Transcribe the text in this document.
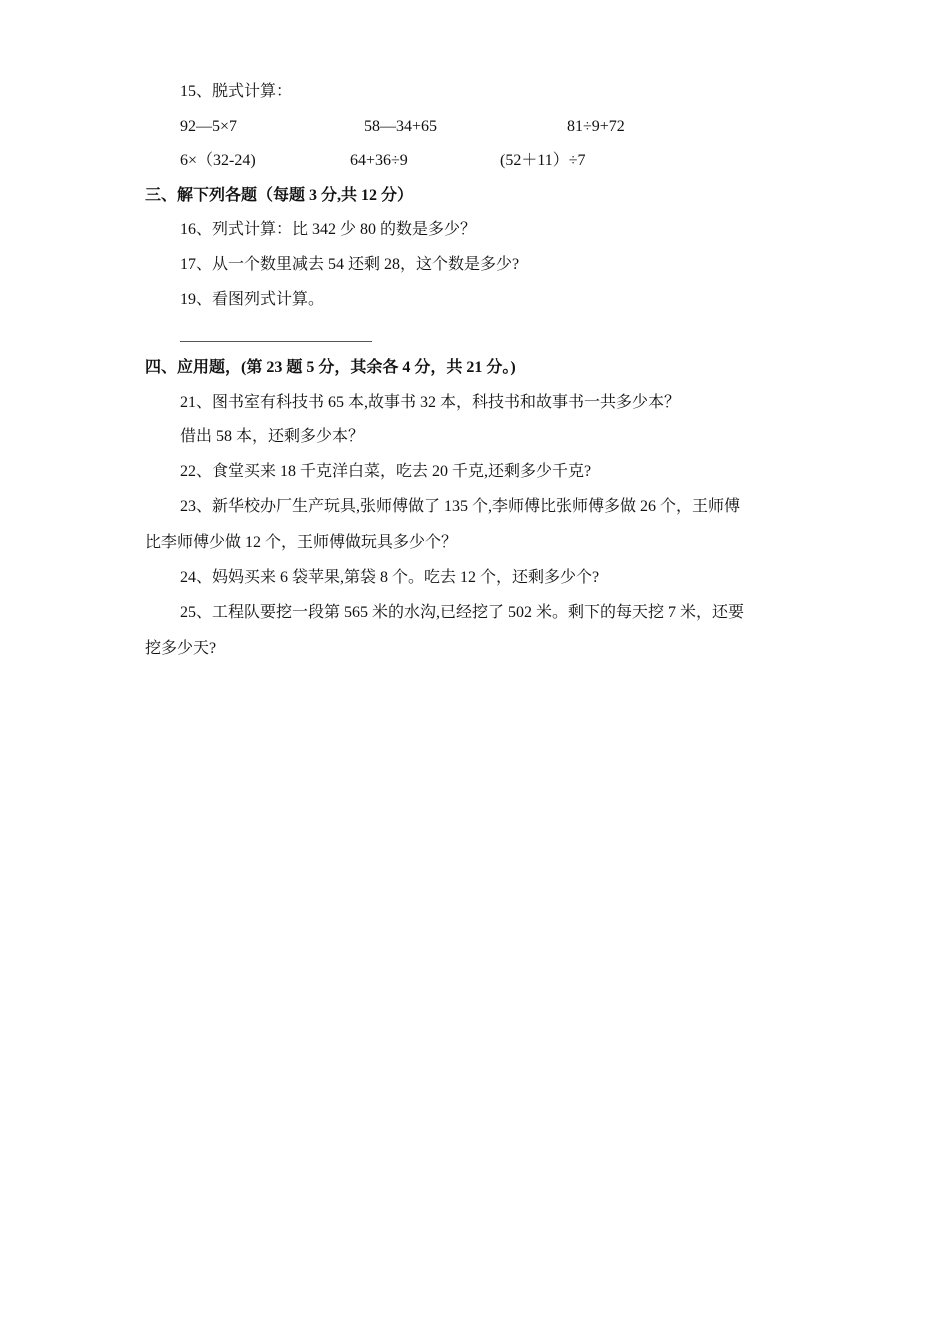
15、脱式计算：
92—5×7	58—34+65	81÷9+72
6×（32-24)	64+36÷9	(52＋11）÷7
三、解下列各题（每题 3 分,共 12 分）
16、列式计算：比 342 少 80 的数是多少？
17、从一个数里减去 54 还剩 28，这个数是多少?
19、看图列式计算。
四、应用题，(第 23 题 5 分，其余各 4 分，共 21 分。)
21、图书室有科技书 65 本,故事书 32 本，科技书和故事书一共多少本？
借出 58 本，还剩多少本？
22、食堂买来 18 千克洋白菜，吃去 20 千克,还剩多少千克?
23、新华校办厂生产玩具,张师傅做了 135 个,李师傅比张师傅多做 26 个，王师傅
比李师傅少做 12 个，王师傅做玩具多少个？
24、妈妈买来 6 袋苹果,第袋 8 个。吃去 12 个，还剩多少个?
25、工程队要挖一段第 565 米的水沟,已经挖了 502 米。剩下的每天挖 7 米，还要
挖多少天?
